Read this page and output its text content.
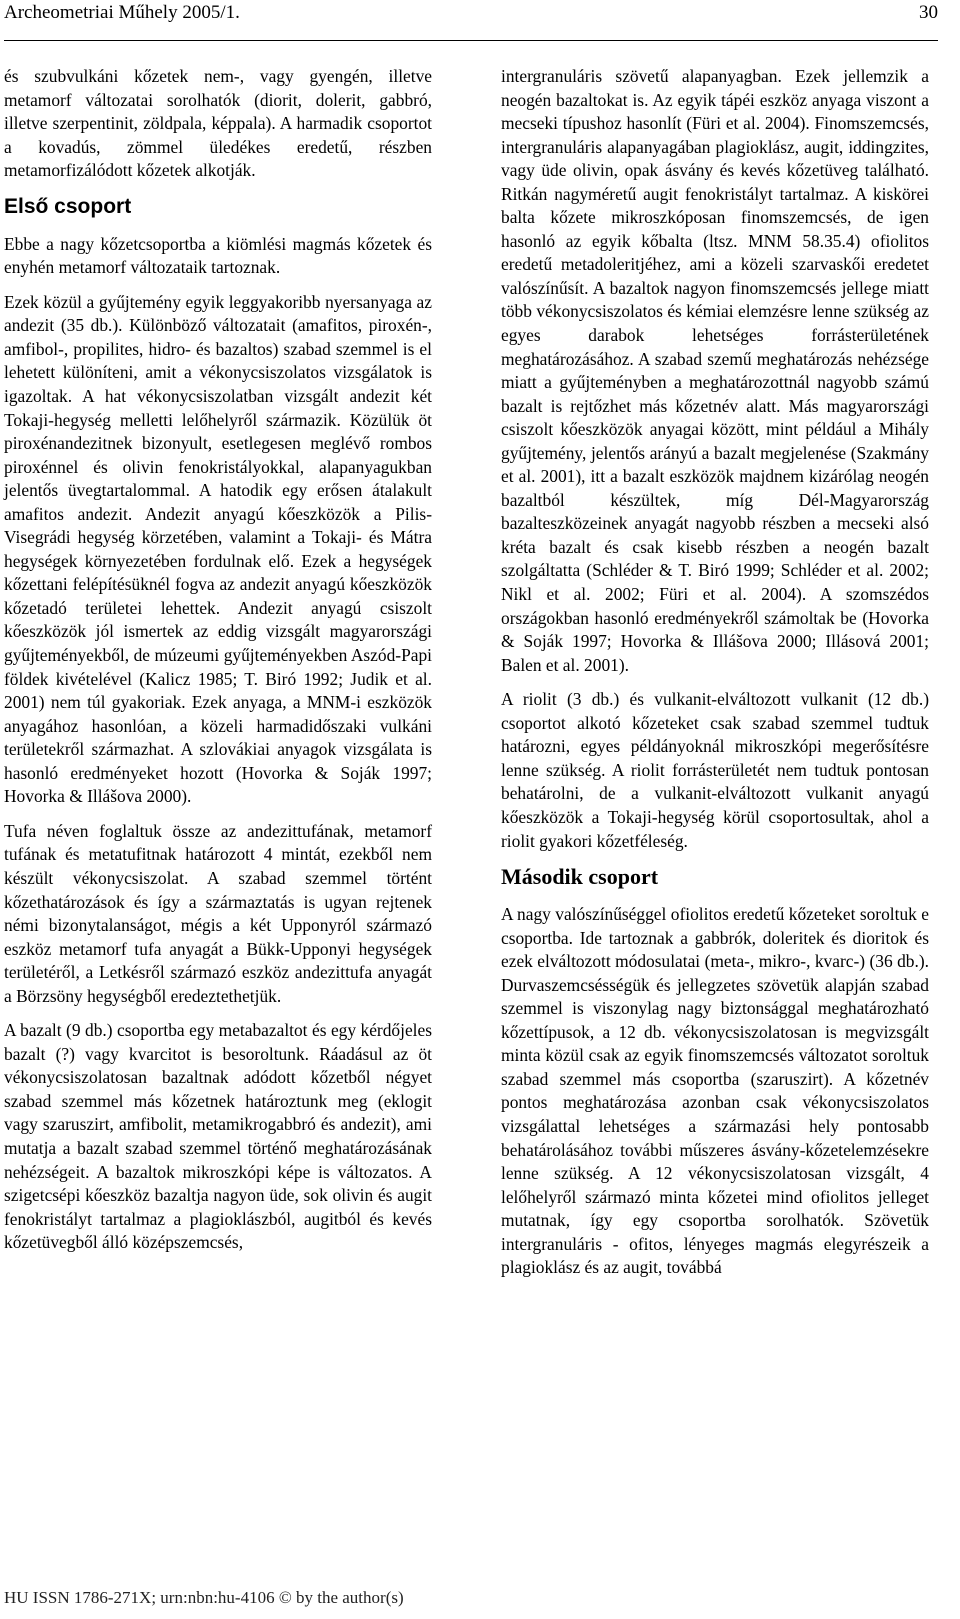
Archeometriai Műhely 2005/1.	30

és szubvulkáni kőzetek nem-, vagy gyengén, illetve metamorf változatai sorolhatók (diorit, dolerit, gabbró, illetve szerpentinit, zöldpala, képpala). A harmadik csoportot a kovadús, zömmel üledékes eredetű, részben metamorfizálódott kőzetek alkotják.

Első csoport

Ebbe a nagy kőzetcsoportba a kiömlési magmás kőzetek és enyhén metamorf változataik tartoznak.

Ezek közül a gyűjtemény egyik leggyakoribb nyersanyaga az andezit (35 db.). Különböző változatait (amafitos, piroxén-, amfibol-, propilites, hidro- és bazaltos) szabad szemmel is el lehetett különíteni, amit a vékonycsiszolatos vizsgálatok is igazoltak. A hat vékonycsiszolatban vizsgált andezit két Tokaji-hegység melletti lelőhelyről származik. Közülük öt piroxénandezitnek bizonyult, esetlegesen meglévő rombos piroxénnel és olivin fenokristályokkal, alapanyagukban jelentős üvegtartalommal. A hatodik egy erősen átalakult amafitos andezit. Andezit anyagú kőeszközök a Pilis-Visegrádi hegység körzetében, valamint a Tokaji- és Mátra hegységek környezetében fordulnak elő. Ezek a hegységek kőzettani felépítésüknél fogva az andezit anyagú kőeszközök kőzetadó területei lehettek. Andezit anyagú csiszolt kőeszközök jól ismertek az eddig vizsgált magyarországi gyűjteményekből, de múzeumi gyűjteményekben Aszód-Papi földek kivételével (Kalicz 1985; T. Biró 1992; Judik et al. 2001) nem túl gyakoriak. Ezek anyaga, a MNM-i eszközök anyagához hasonlóan, a közeli harmadidőszaki vulkáni területekről származhat. A szlovákiai anyagok vizsgálata is hasonló eredményeket hozott (Hovorka & Soják 1997; Hovorka & Illášova 2000).

Tufa néven foglaltuk össze az andezittufának, metamorf tufának és metatufitnak határozott 4 mintát, ezekből nem készült vékonycsiszolat. A szabad szemmel történt kőzethatározások és így a származtatás is ugyan rejtenek némi bizonytalanságot, mégis a két Upponyról származó eszköz metamorf tufa anyagát a Bükk-Upponyi hegységek területéről, a Letkésről származó eszköz andezittufa anyagát a Börzsöny hegységből eredeztethetjük.

A bazalt (9 db.) csoportba egy metabazaltot és egy kérdőjeles bazalt (?) vagy kvarcitot is besoroltunk. Ráadásul az öt vékonycsiszolatosan bazaltnak adódott kőzetből négyet szabad szemmel más kőzetnek határoztunk meg (eklogit vagy szaruszirt, amfibolit, metamikrogabbró és andezit), ami mutatja a bazalt szabad szemmel történő meghatározásának nehézségeit. A bazaltok mikroszkópi képe is változatos. A szigetcsépi kőeszköz bazaltja nagyon üde, sok olivin és augit fenokristályt tartalmaz a plagioklászból, augitból és kevés kőzetüvegből álló középszemcsés,

intergranuláris szövetű alapanyagban. Ezek jellemzik a neogén bazaltokat is. Az egyik tápéi eszköz anyaga viszont a mecseki típushoz hasonlít (Füri et al. 2004). Finomszemcsés, intergranuláris alapanyagában plagioklász, augit, iddingzites, vagy üde olivin, opak ásvány és kevés kőzetüveg található. Ritkán nagyméretű augit fenokristályt tartalmaz. A kiskörei balta kőzete mikroszkóposan finomszemcsés, de igen hasonló az egyik kőbalta (ltsz. MNM 58.35.4) ofiolitos eredetű metadoleritjéhez, ami a közeli szarvaskői eredetet valószínűsít. A bazaltok nagyon finomszemcsés jellege miatt több vékonycsiszolatos és kémiai elemzésre lenne szükség az egyes darabok lehetséges forrásterületének meghatározásához. A szabad szemű meghatározás nehézsége miatt a gyűjteményben a meghatározottnál nagyobb számú bazalt is rejtőzhet más kőzetnév alatt. Más magyarországi csiszolt kőeszközök anyagai között, mint például a Mihály gyűjtemény, jelentős arányú a bazalt megjelenése (Szakmány et al. 2001), itt a bazalt eszközök majdnem kizárólag neogén bazaltból készültek, míg Dél-Magyarország bazalteszközeinek anyagát nagyobb részben a mecseki alsó kréta bazalt és csak kisebb részben a neogén bazalt szolgáltatta (Schléder & T. Biró 1999; Schléder et al. 2002; Nikl et al. 2002; Füri et al. 2004). A szomszédos országokban hasonló eredményekről számoltak be (Hovorka & Soják 1997; Hovorka & Illášova 2000; Illásová 2001; Balen et al. 2001).

A riolit (3 db.) és vulkanit-elváltozott vulkanit (12 db.) csoportot alkotó kőzeteket csak szabad szemmel tudtuk határozni, egyes példányoknál mikroszkópi megerősítésre lenne szükség. A riolit forrásterületét nem tudtuk pontosan behatárolni, de a vulkanit-elváltozott vulkanit anyagú kőeszközök a Tokaji-hegység körül csoportosultak, ahol a riolit gyakori kőzetféleség.

Második csoport

A nagy valószínűséggel ofiolitos eredetű kőzeteket soroltuk e csoportba. Ide tartoznak a gabbrók, doleritek és dioritok és ezek elváltozott módosulatai (meta-, mikro-, kvarc-) (36 db.). Durvaszemcsésségük és jellegzetes szövetük alapján szabad szemmel is viszonylag nagy biztonsággal meghatározható kőzettípusok, a 12 db. vékonycsiszolatosan is megvizsgált minta közül csak az egyik finomszemcsés változatot soroltuk szabad szemmel más csoportba (szaruszirt). A kőzetnév pontos meghatározása azonban csak vékonycsiszolatos vizsgálattal lehetséges a származási hely pontosabb behatárolásához további műszeres ásvány-kőzetelemzésekre lenne szükség. A 12 vékonycsiszolatosan vizsgált, 4 lelőhelyről származó minta kőzetei mind ofiolitos jelleget mutatnak, így egy csoportba sorolhatók. Szövetük intergranuláris - ofitos, lényeges magmás elegyrészeik a plagioklász és az augit, továbbá

HU ISSN 1786-271X; urn:nbn:hu-4106 © by the author(s)
